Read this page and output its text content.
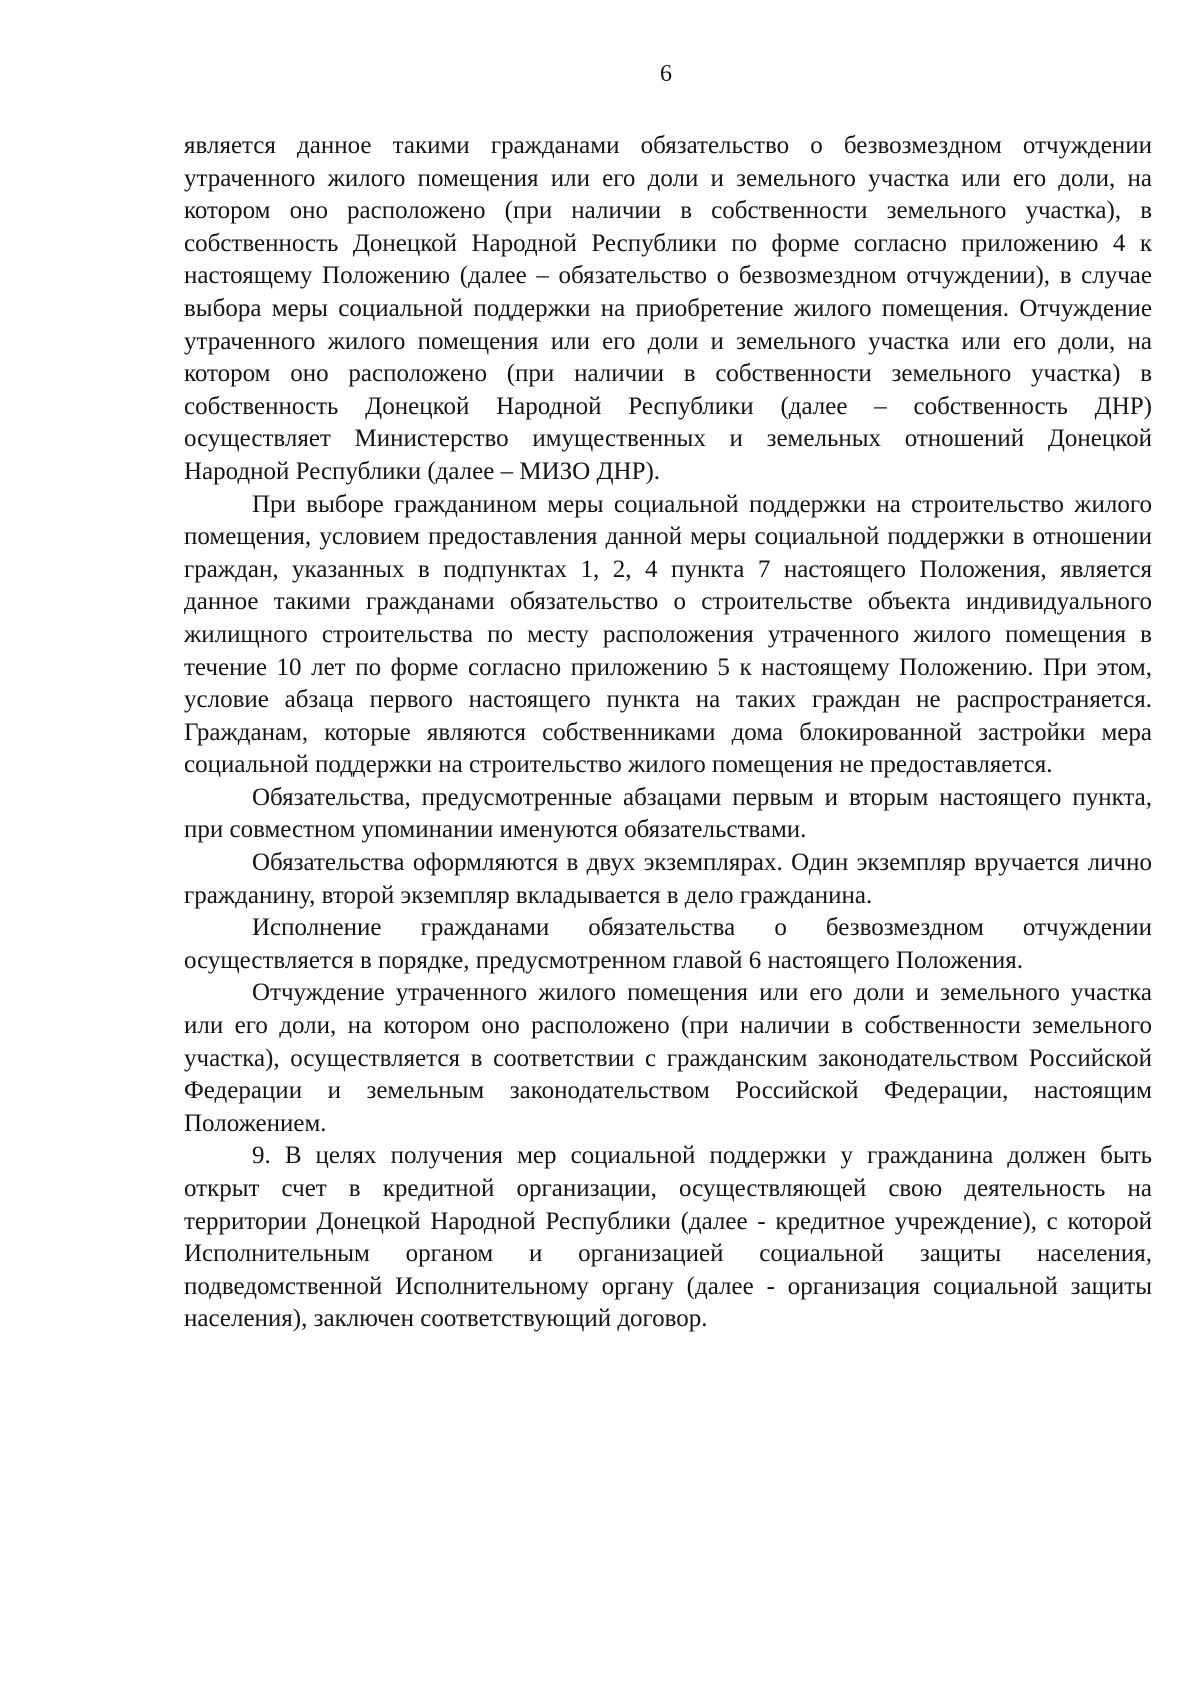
6

является данное такими гражданами обязательство о безвозмездном отчуждении утраченного жилого помещения или его доли и земельного участка или его доли, на котором оно расположено (при наличии в собственности земельного участка), в собственность Донецкой Народной Республики по форме согласно приложению 4 к настоящему Положению (далее – обязательство о безвозмездном отчуждении), в случае выбора меры социальной поддержки на приобретение жилого помещения. Отчуждение утраченного жилого помещения или его доли и земельного участка или его доли, на котором оно расположено (при наличии в собственности земельного участка) в собственность Донецкой Народной Республики (далее – собственность ДНР) осуществляет Министерство имущественных и земельных отношений Донецкой Народной Республики (далее – МИЗО ДНР).

При выборе гражданином меры социальной поддержки на строительство жилого помещения, условием предоставления данной меры социальной поддержки в отношении граждан, указанных в подпунктах 1, 2, 4 пункта 7 настоящего Положения, является данное такими гражданами обязательство о строительстве объекта индивидуального жилищного строительства по месту расположения утраченного жилого помещения в течение 10 лет по форме согласно приложению 5 к настоящему Положению. При этом, условие абзаца первого настоящего пункта на таких граждан не распространяется. Гражданам, которые являются собственниками дома блокированной застройки мера социальной поддержки на строительство жилого помещения не предоставляется.

Обязательства, предусмотренные абзацами первым и вторым настоящего пункта, при совместном упоминании именуются обязательствами.

Обязательства оформляются в двух экземплярах. Один экземпляр вручается лично гражданину, второй экземпляр вкладывается в дело гражданина.

Исполнение гражданами обязательства о безвозмездном отчуждении осуществляется в порядке, предусмотренном главой 6 настоящего Положения.

Отчуждение утраченного жилого помещения или его доли и земельного участка или его доли, на котором оно расположено (при наличии в собственности земельного участка), осуществляется в соответствии с гражданским законодательством Российской Федерации и земельным законодательством Российской Федерации, настоящим Положением.

9. В целях получения мер социальной поддержки у гражданина должен быть открыт счет в кредитной организации, осуществляющей свою деятельность на территории Донецкой Народной Республики (далее - кредитное учреждение), с которой Исполнительным органом и организацией социальной защиты населения, подведомственной Исполнительному органу (далее - организация социальной защиты населения), заключен соответствующий договор.
